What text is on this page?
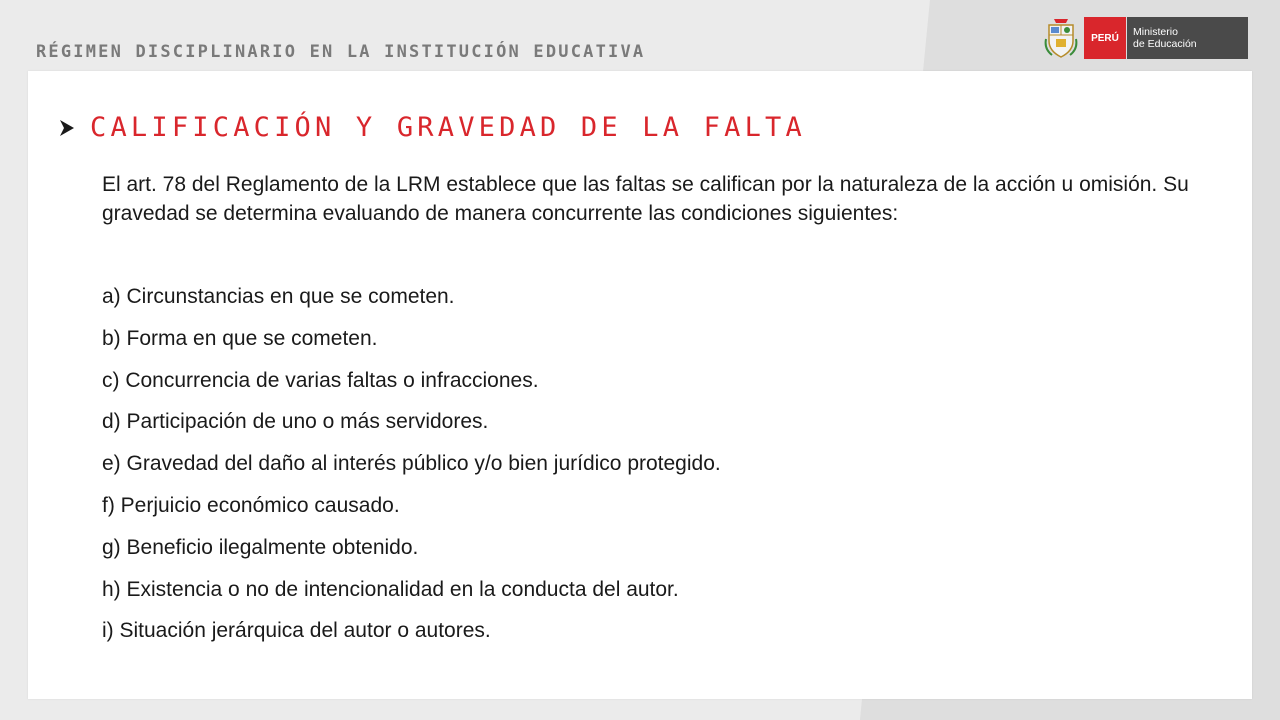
RÉGIMEN DISCIPLINARIO EN LA INSTITUCIÓN EDUCATIVA
PERÚ	Ministerio
de Educación
CALIFICACIÓN Y GRAVEDAD DE LA FALTA
El art. 78 del Reglamento de la LRM establece que las faltas se califican por la naturaleza de la acción u omisión. Su gravedad se determina evaluando de manera concurrente las condiciones siguientes:
a) Circunstancias en que se cometen.
b) Forma en que se cometen.
c) Concurrencia de varias faltas o infracciones.
d) Participación de uno o más servidores.
e) Gravedad del daño al interés público y/o bien jurídico protegido.
f) Perjuicio económico causado.
g) Beneficio ilegalmente obtenido.
h) Existencia o no de intencionalidad en la conducta del autor.
i) Situación jerárquica del autor o autores.
